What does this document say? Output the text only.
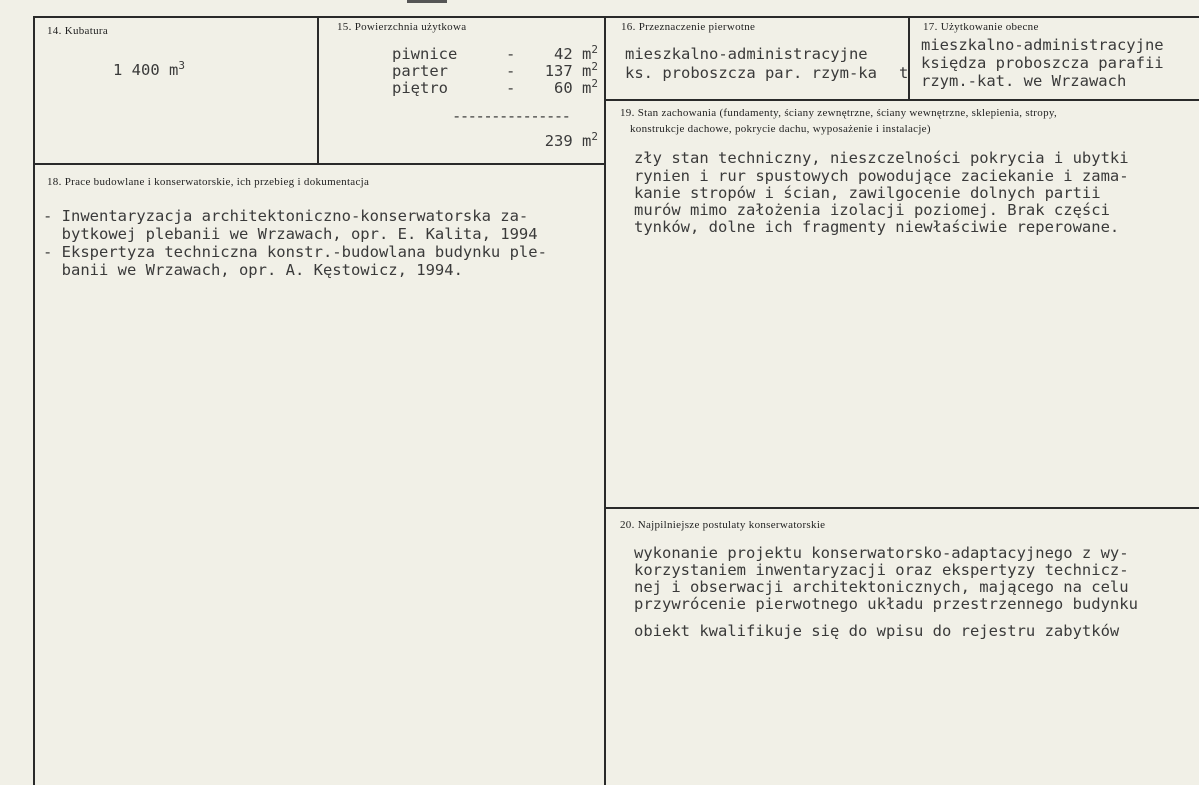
14. Kubatura
1 400 $m^3$
15. Powierzchnia użytkowa
piwnice	-	42 $m^2$
parter	-	137 $m^2$
piętro	-	60 $m^2$
---------------
239 $m^2$
16. Przeznaczenie pierwotne
mieszkalno-administracyjne
ks. proboszcza par. rzym-ka t
17. Użytkowanie obecne
mieszkalno-administracyjne
księdza proboszcza parafii
rzym.-kat. we Wrzawach
18. Prace budowlane i konserwatorskie, ich przebieg i dokumentacja
- Inwentaryzacja architektoniczno-konserwatorska za-
bytkowej plebanii we Wrzawach, opr. E. Kalita, 1994
- Ekspertyza techniczna konstr.-budowlana budynku ple-
banii we Wrzawach, opr. A. Kęstowicz, 1994.
19. Stan zachowania (fundamenty, ściany zewnętrzne, ściany wewnętrzne, sklepienia, stropy,
konstrukcje dachowe, pokrycie dachu, wyposażenie i instalacje)
zły stan techniczny, nieszczelności pokrycia i ubytki
rynien i rur spustowych powodujące zaciekanie i zama-
kanie stropów i ścian, zawilgocenie dolnych partii
murów mimo założenia izolacji poziomej. Brak części
tynków, dolne ich fragmenty niewłaściwie reperowane.
20. Najpilniejsze postulaty konserwatorskie
wykonanie projektu konserwatorsko-adaptacyjnego z wy-
korzystaniem inwentaryzacji oraz ekspertyzy technicz-
nej i obserwacji architektonicznych, mającego na celu
przywrócenie pierwotnego układu przestrzennego budynku
obiekt kwalifikuje się do wpisu do rejestru zabytków
